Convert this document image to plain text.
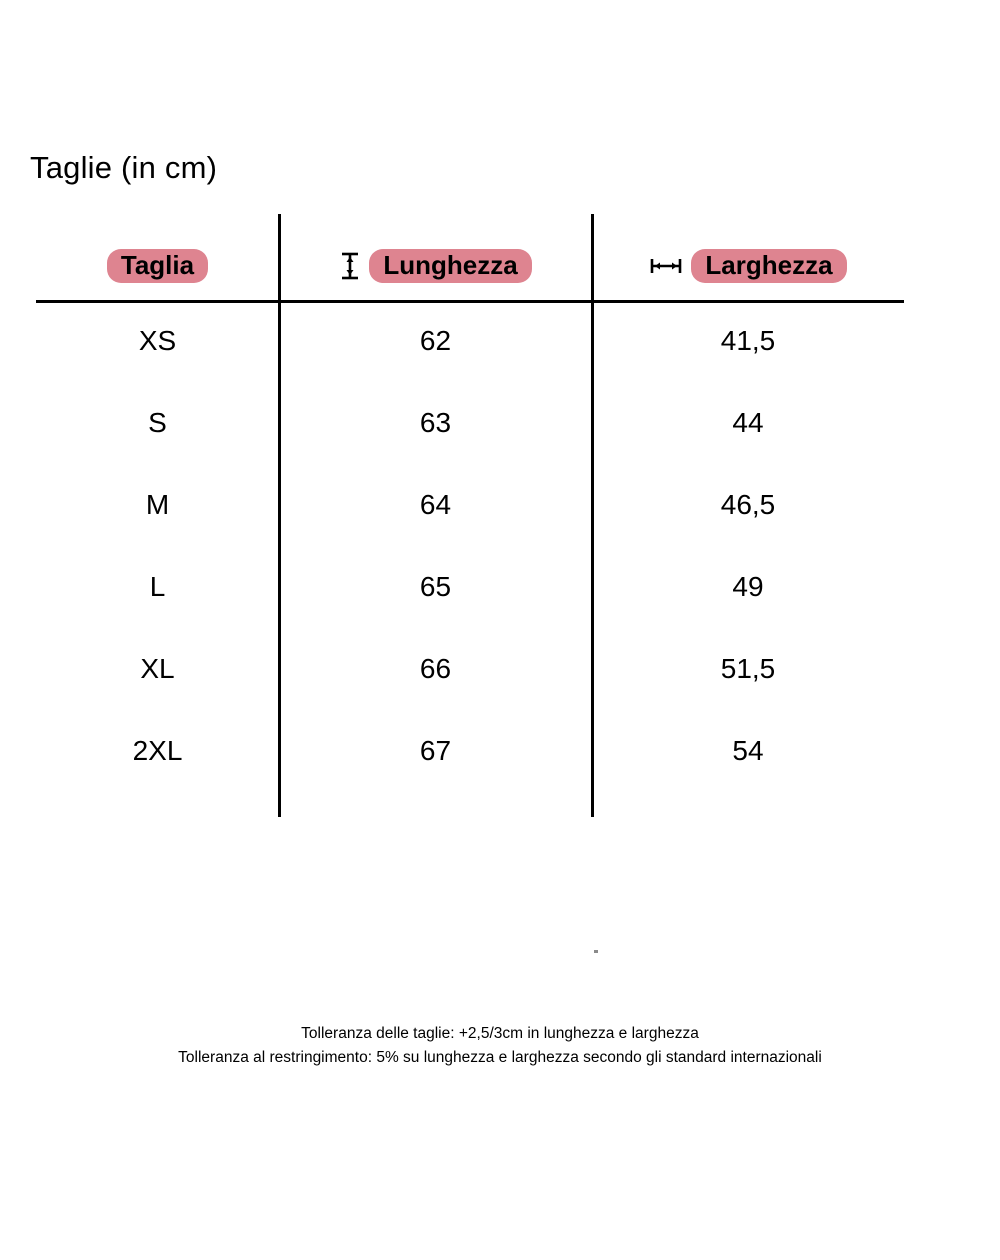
Taglie (in cm)
Taglia	Lunghezza	Larghezza

XS	62	41,5
S	63	44
M	64	46,5
L	65	49
XL	66	51,5
2XL	67	54
Tolleranza delle taglie: +2,5/3cm in lunghezza e larghezza
Tolleranza al restringimento: 5% su lunghezza e larghezza secondo gli standard internazionali
